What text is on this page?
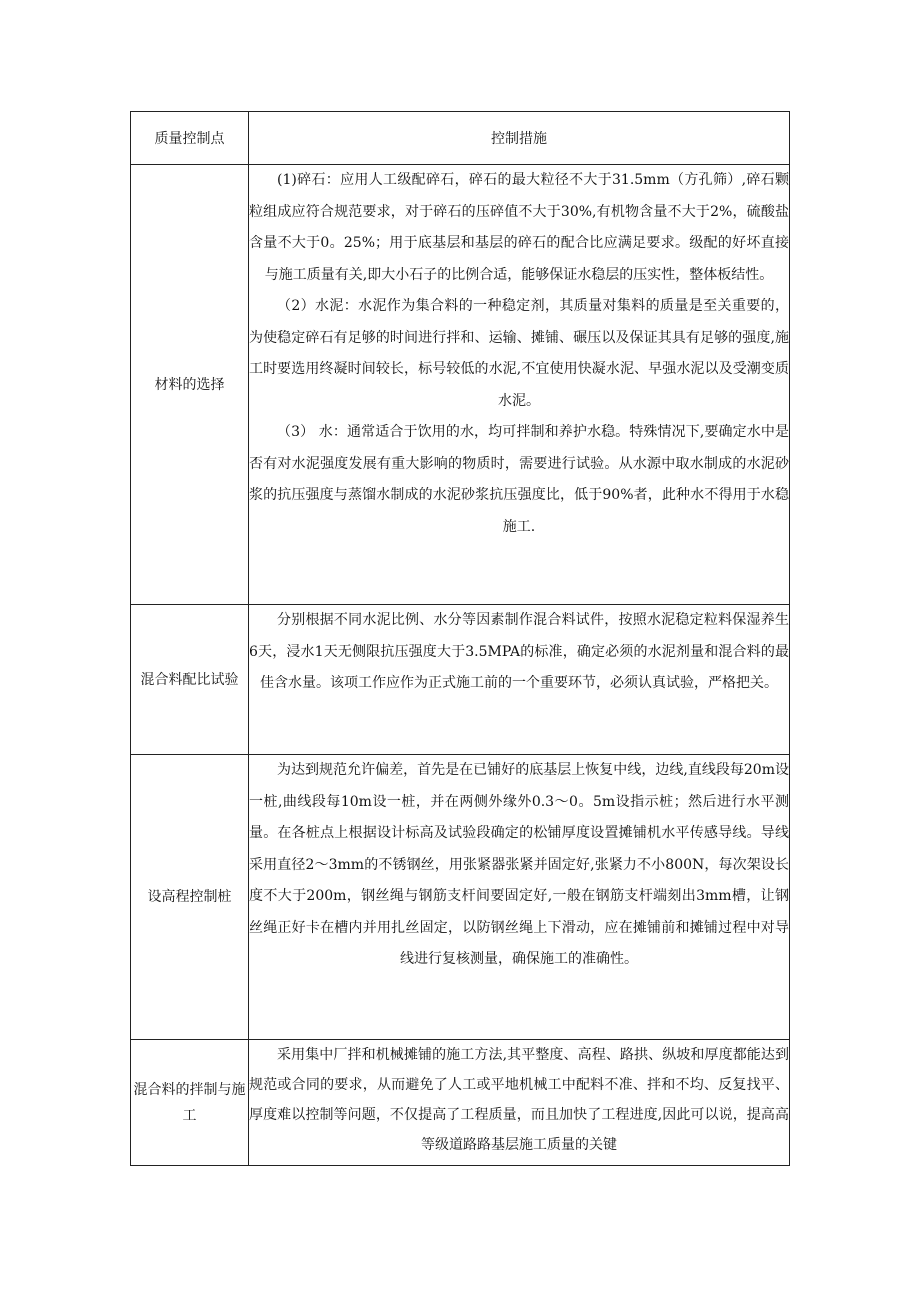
质量控制点	控制措施
材料的选择	(1)碎石：应用人工级配碎石，碎石的最大粒径不大于31.5mm（方孔筛）,碎石颗粒组成应符合规范要求，对于碎石的压碎值不大于30%,有机物含量不大于2%，硫酸盐含量不大于0。25%；用于底基层和基层的碎石的配合比应满足要求。级配的好坏直接与施工质量有关,即大小石子的比例合适，能够保证水稳层的压实性，整体板结性。

（2）水泥：水泥作为集合料的一种稳定剂，其质量对集料的质量是至关重要的，为使稳定碎石有足够的时间进行拌和、运输、摊铺、碾压以及保证其具有足够的强度,施工时要选用终凝时间较长，标号较低的水泥,不宜使用快凝水泥、早强水泥以及受潮变质水泥。

（3） 水：通常适合于饮用的水，均可拌制和养护水稳。特殊情况下,要确定水中是否有对水泥强度发展有重大影响的物质时，需要进行试验。从水源中取水制成的水泥砂浆的抗压强度与蒸馏水制成的水泥砂浆抗压强度比，低于90%者，此种水不得用于水稳施工.

混合料配比试验	分别根据不同水泥比例、水分等因素制作混合料试件，按照水泥稳定粒料保湿养生6天，浸水1天无侧限抗压强度大于3.5MPA的标准，确定必须的水泥剂量和混合料的最佳含水量。该项工作应作为正式施工前的一个重要环节，必须认真试验，严格把关。

设高程控制桩	为达到规范允许偏差，首先是在已铺好的底基层上恢复中线，边线,直线段每20m设一桩,曲线段每10m设一桩，并在两侧外缘外0.3～0。5m设指示桩；然后进行水平测量。在各桩点上根据设计标高及试验段确定的松铺厚度设置摊铺机水平传感导线。导线采用直径2～3mm的不锈钢丝，用张紧器张紧并固定好,张紧力不小800N，每次架设长度不大于200m，钢丝绳与钢筋支杆间要固定好,一般在钢筋支杆端刻出3mm槽，让钢丝绳正好卡在槽内并用扎丝固定，以防钢丝绳上下滑动，应在摊铺前和摊铺过程中对导线进行复核测量，确保施工的准确性。

混合料的拌制与施工	采用集中厂拌和机械摊铺的施工方法,其平整度、高程、路拱、纵坡和厚度都能达到规范或合同的要求，从而避免了人工或平地机械工中配料不准、拌和不均、反复找平、厚度难以控制等问题，不仅提高了工程质量，而且加快了工程进度,因此可以说，提高高等级道路路基层施工质量的关键
